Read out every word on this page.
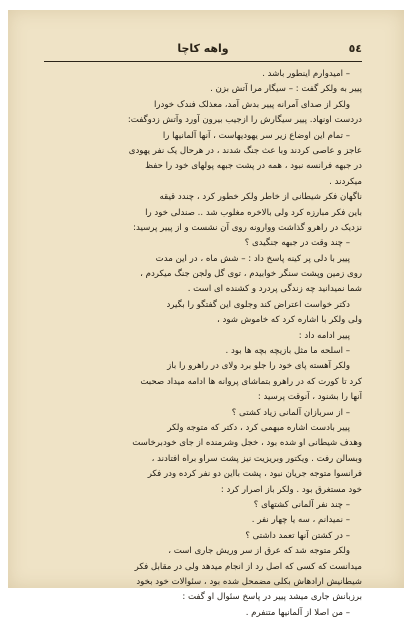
٥٤
واهه کاچا
– امیدوارم اینطور باشد .
پییر به ولکر گفت : – سیگار مرا آتش بزن .
ولکر از صدای آمرانه پییر بدش آمد، معذلک فندک خودرا
دردست اونهاد. پییر سیگارش را ازجیب بیرون آورد وآتش زدوگفت:
– تمام این اوضاع زیر سر یهودیهاست ، آنها آلمانیها را
عاجز و عاصی کردند وبا عث جنگ شدند ، در هرحال یک نفر یهودی
در جبهه فرانسه نبود ، همه در پشت جبهه پولهای خود را حفظ
میکردند .
ناگهان فکر شیطانی از خاطر ولکر خطور کرد ، چندد قیقه
باین فکر مبارزه کرد ولی بالاخره مغلوب شد .. صندلی خود را
نزدیک در راهرو گذاشت ووارونه روی آن نشست و از پییر پرسید:
– چند وقت در جبهه جنگیدی ؟
پییر با دلی پر کینه پاسخ داد : – شش ماه ، در این مدت
روی زمین وپشت سنگر خوابیدم ، توی گل ولجن جنگ میکردم ،
شما نمیدانید چه زندگی پردرد و کشنده ای است .
دکتر خواست اعتراض کند وجلوی این گفتگو را بگیرد
ولی ولکر با اشاره کرد که خاموش شود ،
پییر ادامه داد :
– اسلحه ما مثل بازیچه بچه ها بود .
ولکر آهسته پای خود را جلو برد ولای در راهرو را باز
کرد تا کورت که در راهرو بتماشای پروانه ها ادامه میداد صحبت
آنها را بشنود ، آنوقت پرسید :
– از سربازان آلمانی زیاد کشتی ؟
پییر بادست اشاره مبهمی کرد ، دکتر که متوجه ولکر
وهدف شیطانی او شده بود ، خجل وشرمنده از جای خودبرخاست
وبسالن رفت . ویکتور وبریزیت نیز پشت سراو براه افتادند ،
فرانسوا متوجه جریان نبود ، پشت بااین دو نفر کرده ودر فکر
خود مستغرق بود . ولکر باز اصرار کرد :
– چند نفر آلمانی کشتهای ؟
– نمیدانم ، سه یا چهار نفر .
– در کشتن آنها تعمد داشتی ؟
ولکر متوجه شد که عرق از سر وریش جاری است ،
میدانست که کسی که اصل رد از انجام میدهد ولی در مقابل فکر
شیطانیش ارادهاش بکلی مضمحل شده بود ، سئوالات خود بخود
برزبانش جاری میشد پییر در پاسخ سئوال او گفت :
– من اصلا از آلمانیها متنفرم .
